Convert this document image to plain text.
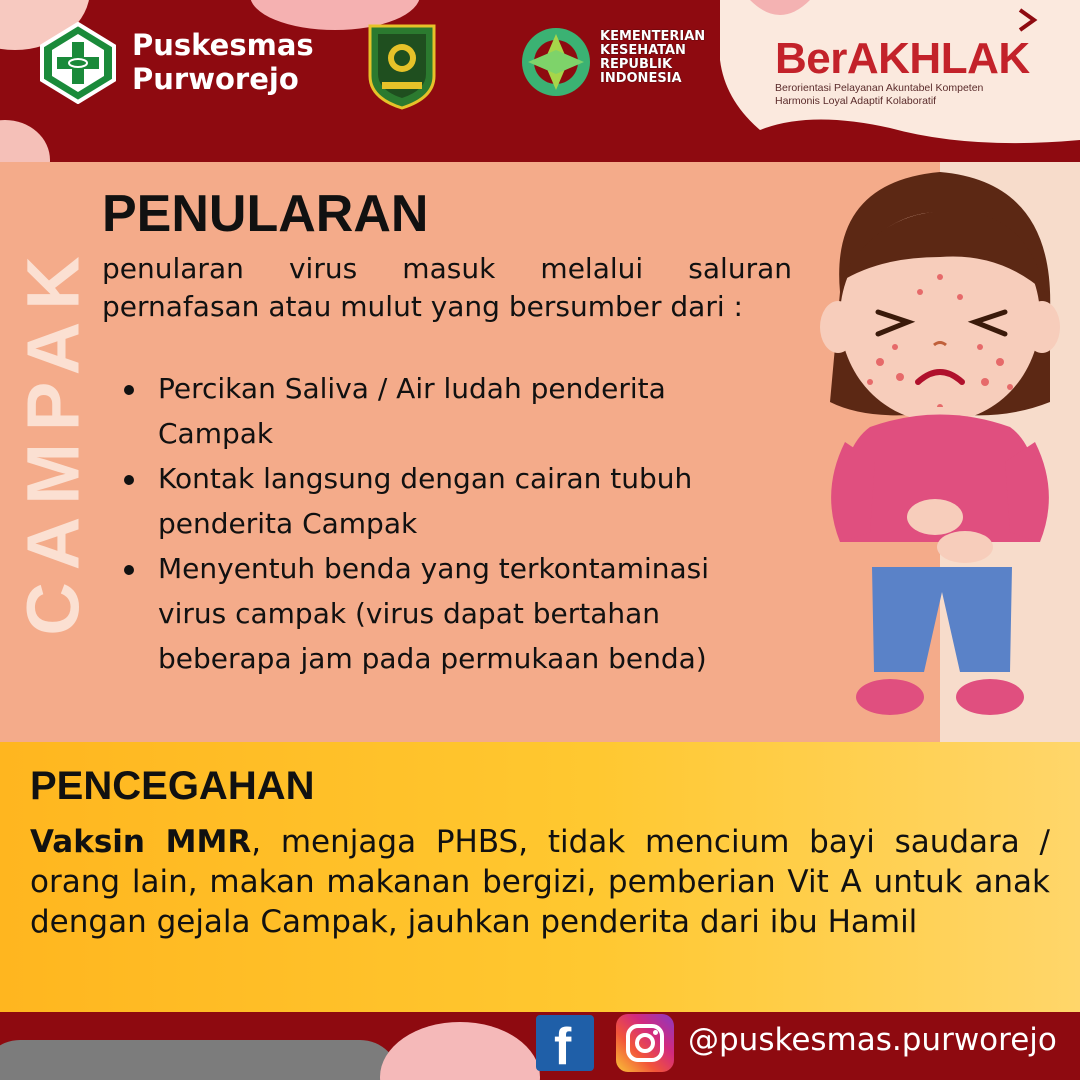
Puskesmas
Purworejo
KEMENTERIAN
KESEHATAN
REPUBLIK
INDONESIA	BerAKHLAK
Berorientasi Pelayanan Akuntabel Kompeten
Harmonis Loyal Adaptif Kolaboratif
CAMPAK
PENULARAN
penularan virus masuk melalui saluran pernafasan atau mulut yang bersumber dari :
Percikan Saliva / Air ludah penderita Campak
Kontak langsung dengan cairan tubuh penderita Campak
Menyentuh benda yang terkontaminasi virus campak (virus dapat bertahan beberapa jam pada permukaan benda)
PENCEGAHAN
Vaksin MMR, menjaga PHBS, tidak mencium bayi saudara / orang lain, makan makanan bergizi, pemberian Vit A untuk anak dengan gejala Campak, jauhkan penderita dari ibu Hamil
f	@puskesmas.purworejo
